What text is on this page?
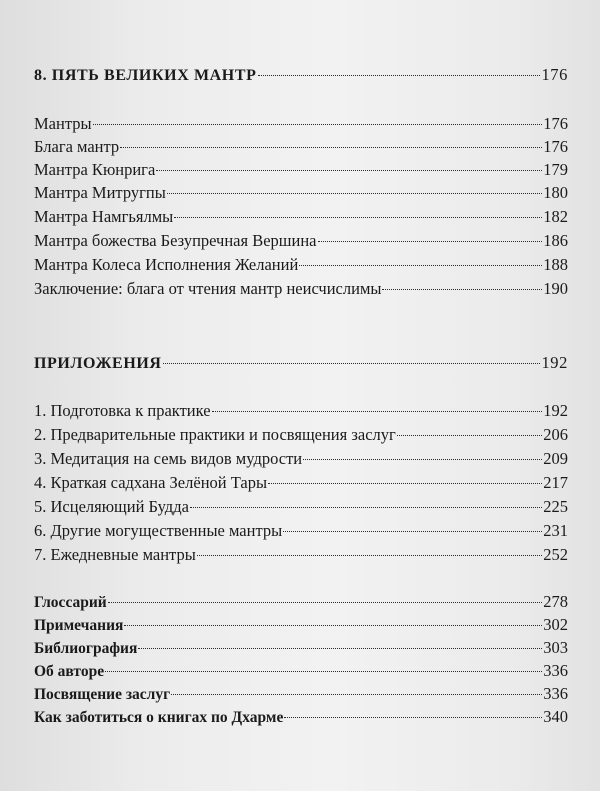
8. ПЯТЬ ВЕЛИКИХ МАНТР	176
Мантры	176
Блага мантр	176
Мантра Кюнрига	179
Мантра Митругпы	180
Мантра Намгьялмы	182
Мантра божества Безупречная Вершина	186
Мантра Колеса Исполнения Желаний	188
Заключение: блага от чтения мантр неисчислимы	190
ПРИЛОЖЕНИЯ	192
1. Подготовка к практике	192
2. Предварительные практики и посвящения заслуг	206
3. Медитация на семь видов мудрости	209
4. Краткая садхана Зелёной Тары	217
5. Исцеляющий Будда	225
6. Другие могущественные мантры	231
7. Ежедневные мантры	252
Глоссарий	278
Примечания	302
Библиография	303
Об авторе	336
Посвящение заслуг	336
Как заботиться о книгах по Дхарме	340
